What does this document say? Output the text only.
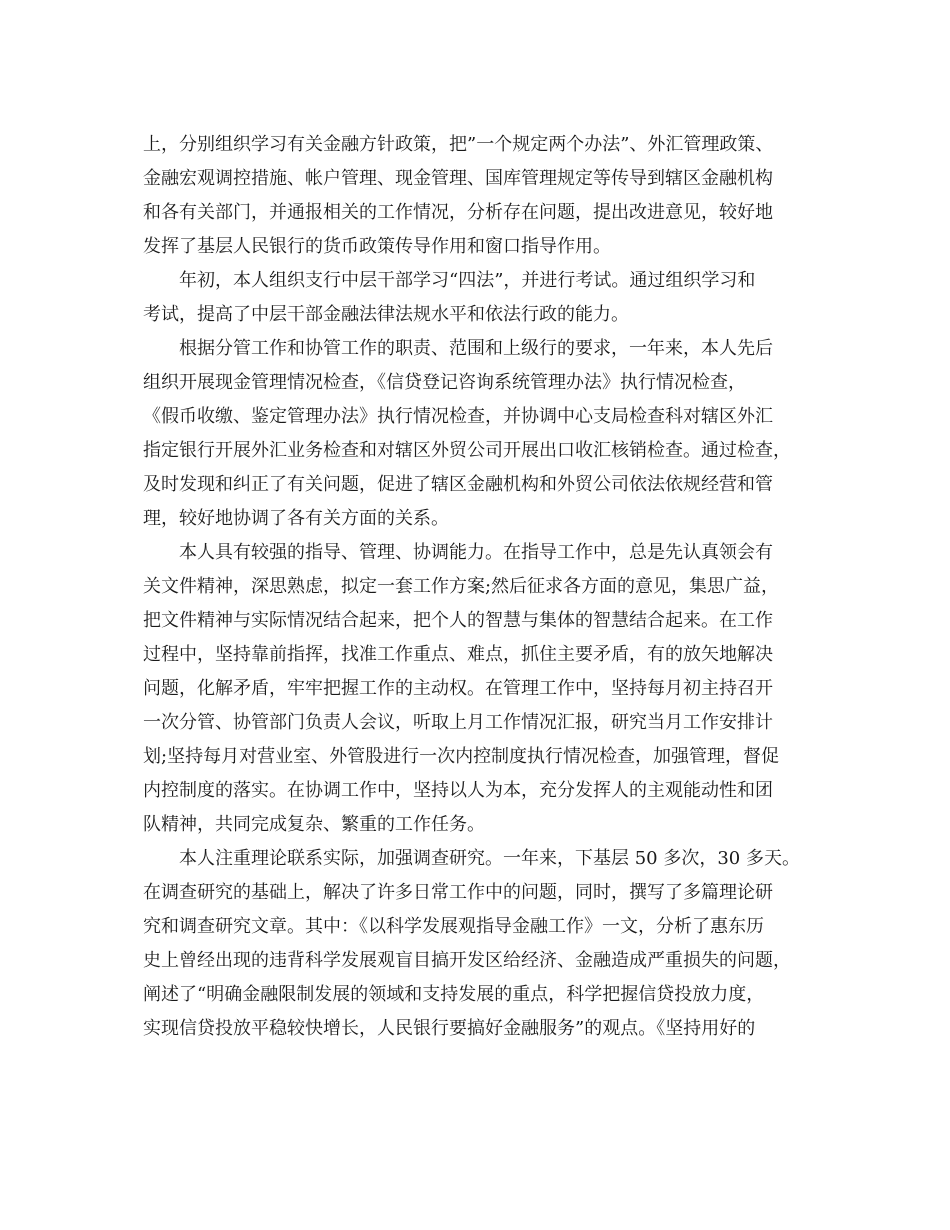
上，分别组织学习有关金融方针政策，把”一个规定两个办法”、外汇管理政策、
金融宏观调控措施、帐户管理、现金管理、国库管理规定等传导到辖区金融机构
和各有关部门，并通报相关的工作情况，分析存在问题，提出改进意见，较好地
发挥了基层人民银行的货币政策传导作用和窗口指导作用。
年初，本人组织支行中层干部学习“四法”，并进行考试。通过组织学习和
考试，提高了中层干部金融法律法规水平和依法行政的能力。
根据分管工作和协管工作的职责、范围和上级行的要求，一年来，本人先后
组织开展现金管理情况检查，《信贷登记咨询系统管理办法》执行情况检查，
《假币收缴、鉴定管理办法》执行情况检查，并协调中心支局检查科对辖区外汇
指定银行开展外汇业务检查和对辖区外贸公司开展出口收汇核销检查。通过检查，
及时发现和纠正了有关问题，促进了辖区金融机构和外贸公司依法依规经营和管
理，较好地协调了各有关方面的关系。
本人具有较强的指导、管理、协调能力。在指导工作中，总是先认真领会有
关文件精神，深思熟虑，拟定一套工作方案;然后征求各方面的意见，集思广益，
把文件精神与实际情况结合起来，把个人的智慧与集体的智慧结合起来。在工作
过程中，坚持靠前指挥，找准工作重点、难点，抓住主要矛盾，有的放矢地解决
问题，化解矛盾，牢牢把握工作的主动权。在管理工作中，坚持每月初主持召开
一次分管、协管部门负责人会议，听取上月工作情况汇报，研究当月工作安排计
划;坚持每月对营业室、外管股进行一次内控制度执行情况检查，加强管理，督促
内控制度的落实。在协调工作中，坚持以人为本，充分发挥人的主观能动性和团
队精神，共同完成复杂、繁重的工作任务。
本人注重理论联系实际，加强调查研究。一年来，下基层 50 多次，30 多天。
在调查研究的基础上，解决了许多日常工作中的问题，同时，撰写了多篇理论研
究和调查研究文章。其中：《以科学发展观指导金融工作》一文，分析了惠东历
史上曾经出现的违背科学发展观盲目搞开发区给经济、金融造成严重损失的问题，
阐述了“明确金融限制发展的领域和支持发展的重点，科学把握信贷投放力度，
实现信贷投放平稳较快增长，人民银行要搞好金融服务”的观点。《坚持用好的
